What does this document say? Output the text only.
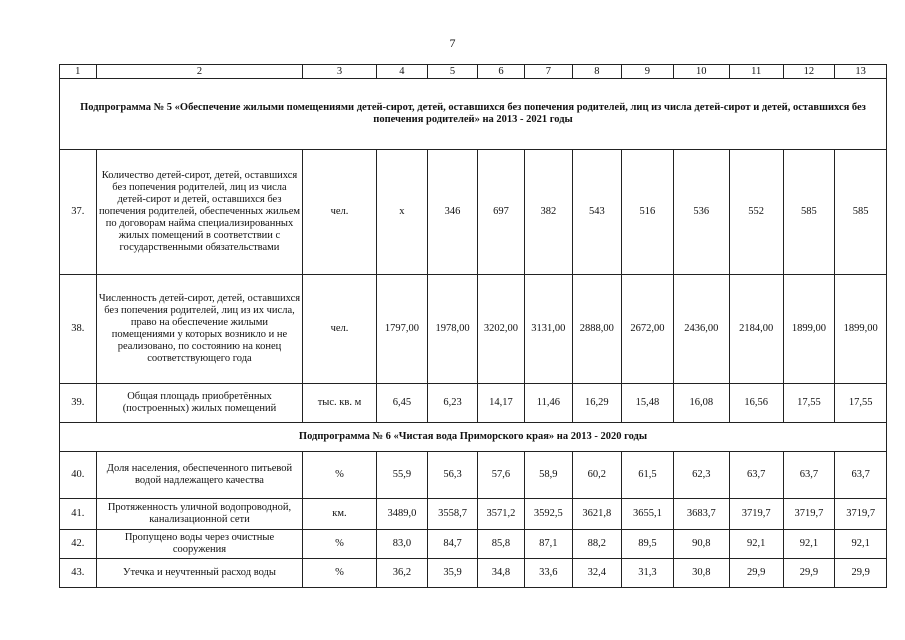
7
1	2	3	4	5	6	7	8	9	10	11	12	13
Подпрограмма № 5 «Обеспечение жилыми помещениями детей-сирот, детей, оставшихся без попечения родителей, лиц из числа детей-сирот и детей, оставшихся без попечения родителей» на 2013 - 2021 годы												
37.	Количество детей-сирот, детей, оставшихся без попечения родителей, лиц из числа детей-сирот и детей, оставшихся без попечения родителей, обеспеченных жильем по договорам найма специализированных жилых помещений в соответствии с государственными обязательствами	чел.	х	346	697	382	543	516	536	552	585	585
38.	Численность детей-сирот, детей, оставшихся без попечения родителей, лиц из их числа, право на обеспечение жилыми помещениями у которых возникло и не реализовано, по состоянию на конец соответствующего года	чел.	1797,00	1978,00	3202,00	3131,00	2888,00	2672,00	2436,00	2184,00	1899,00	1899,00
39.	Общая площадь приобретённых (построенных) жилых помещений	тыс. кв. м	6,45	6,23	14,17	11,46	16,29	15,48	16,08	16,56	17,55	17,55
Подпрограмма № 6 «Чистая вода Приморского края» на 2013 - 2020 годы												
40.	Доля населения, обеспеченного питьевой водой надлежащего качества	%	55,9	56,3	57,6	58,9	60,2	61,5	62,3	63,7	63,7	63,7
41.	Протяженность уличной водопроводной, канализационной сети	км.	3489,0	3558,7	3571,2	3592,5	3621,8	3655,1	3683,7	3719,7	3719,7	3719,7
42.	Пропущено воды через очистные сооружения	%	83,0	84,7	85,8	87,1	88,2	89,5	90,8	92,1	92,1	92,1
43.	Утечка и неучтенный расход воды	%	36,2	35,9	34,8	33,6	32,4	31,3	30,8	29,9	29,9	29,9
